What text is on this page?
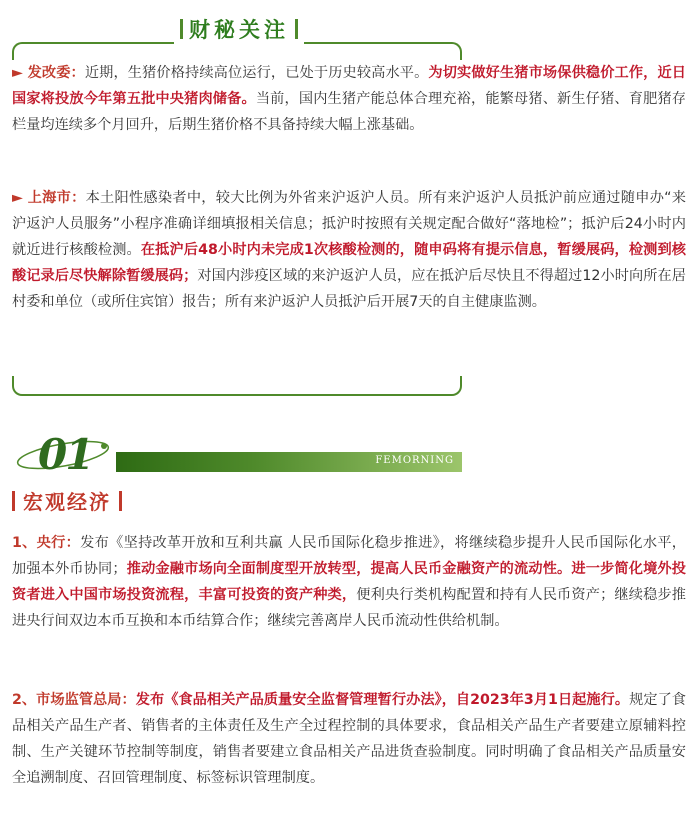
财秘关注

► 发改委：近期，生猪价格持续高位运行，已处于历史较高水平。为切实做好生猪市场保供稳价工作，近日国家将投放今年第五批中央猪肉储备。当前，国内生猪产能总体合理充裕，能繁母猪、新生仔猪、育肥猪存栏量均连续多个月回升，后期生猪价格不具备持续大幅上涨基础。

► 上海市：本土阳性感染者中，较大比例为外省来沪返沪人员。所有来沪返沪人员抵沪前应通过随申办“来沪返沪人员服务”小程序准确详细填报相关信息；抵沪时按照有关规定配合做好“落地检”；抵沪后24小时内就近进行核酸检测。在抵沪后48小时内未完成1次核酸检测的，随申码将有提示信息，暂缓展码，检测到核酸记录后尽快解除暂缓展码；对国内涉疫区域的来沪返沪人员，应在抵沪后尽快且不得超过12小时向所在居村委和单位（或所住宾馆）报告；所有来沪返沪人员抵沪后开展7天的自主健康监测。

01	FEMORNING
宏观经济

1、央行：发布《坚持改革开放和互利共赢 人民币国际化稳步推进》，将继续稳步提升人民币国际化水平，加强本外币协同；推动金融市场向全面制度型开放转型，提高人民币金融资产的流动性。进一步简化境外投资者进入中国市场投资流程，丰富可投资的资产种类，便利央行类机构配置和持有人民币资产；继续稳步推进央行间双边本币互换和本币结算合作；继续完善离岸人民币流动性供给机制。

2、市场监管总局：发布《食品相关产品质量安全监督管理暂行办法》，自2023年3月1日起施行。规定了食品相关产品生产者、销售者的主体责任及生产全过程控制的具体要求，食品相关产品生产者要建立原辅料控制、生产关键环节控制等制度，销售者要建立食品相关产品进货查验制度。同时明确了食品相关产品质量安全追溯制度、召回管理制度、标签标识管理制度。
